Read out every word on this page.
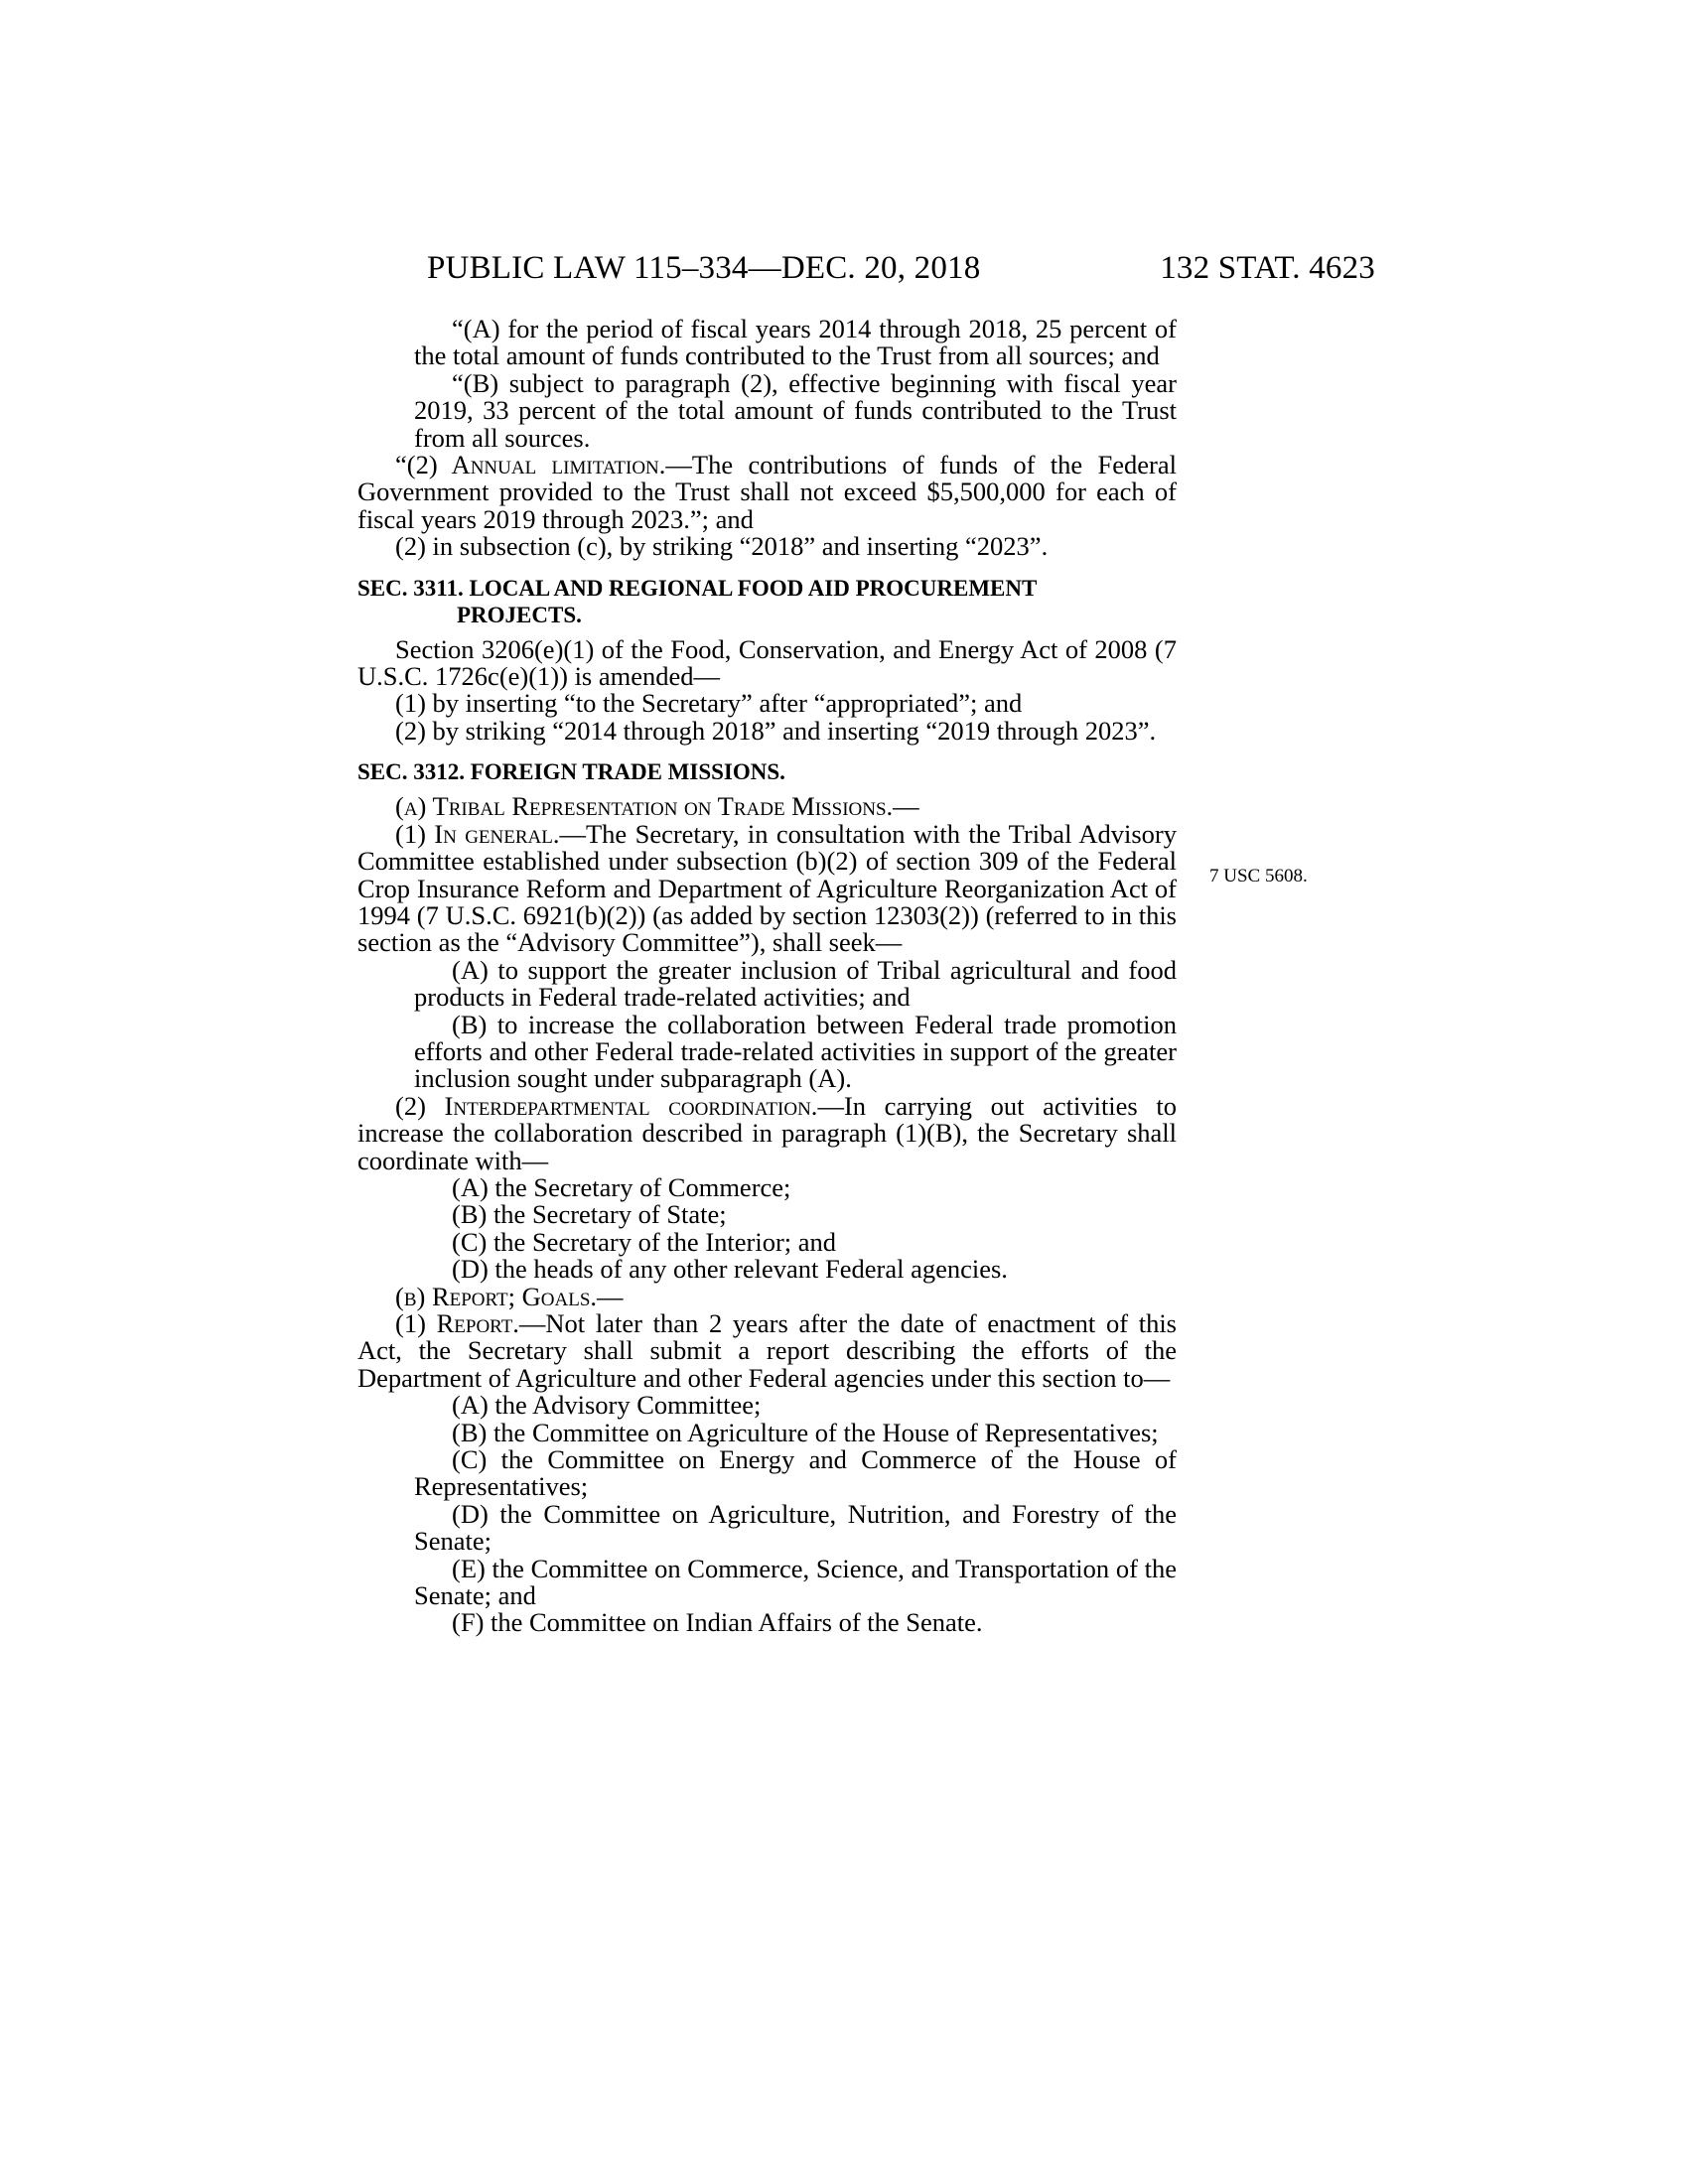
PUBLIC LAW 115–334—DEC. 20, 2018	132 STAT. 4623
7 USC 5608.

“(A) for the period of fiscal years 2014 through 2018, 25 percent of the total amount of funds contributed to the Trust from all sources; and

“(B) subject to paragraph (2), effective beginning with fiscal year 2019, 33 percent of the total amount of funds contributed to the Trust from all sources.

“(2) Annual limitation.—The contributions of funds of the Federal Government provided to the Trust shall not exceed $5,500,000 for each of fiscal years 2019 through 2023.”; and

(2) in subsection (c), by striking “2018” and inserting “2023”.

SEC. 3311. LOCAL AND REGIONAL FOOD AID PROCUREMENT
PROJECTS.

Section 3206(e)(1) of the Food, Conservation, and Energy Act of 2008 (7 U.S.C. 1726c(e)(1)) is amended—

(1) by inserting “to the Secretary” after “appropriated”; and

(2) by striking “2014 through 2018” and inserting “2019 through 2023”.

SEC. 3312. FOREIGN TRADE MISSIONS.

(a) Tribal Representation on Trade Missions.—

(1) In general.—The Secretary, in consultation with the Tribal Advisory Committee established under subsection (b)(2) of section 309 of the Federal Crop Insurance Reform and Department of Agriculture Reorganization Act of 1994 (7 U.S.C. 6921(b)(2)) (as added by section 12303(2)) (referred to in this section as the “Advisory Committee”), shall seek—

(A) to support the greater inclusion of Tribal agricultural and food products in Federal trade-related activities; and

(B) to increase the collaboration between Federal trade promotion efforts and other Federal trade-related activities in support of the greater inclusion sought under subparagraph (A).

(2) Interdepartmental coordination.—In carrying out activities to increase the collaboration described in paragraph (1)(B), the Secretary shall coordinate with—

(A) the Secretary of Commerce;

(B) the Secretary of State;

(C) the Secretary of the Interior; and

(D) the heads of any other relevant Federal agencies.

(b) Report; Goals.—

(1) Report.—Not later than 2 years after the date of enactment of this Act, the Secretary shall submit a report describing the efforts of the Department of Agriculture and other Federal agencies under this section to—

(A) the Advisory Committee;

(B) the Committee on Agriculture of the House of Representatives;

(C) the Committee on Energy and Commerce of the House of Representatives;

(D) the Committee on Agriculture, Nutrition, and Forestry of the Senate;

(E) the Committee on Commerce, Science, and Transportation of the Senate; and

(F) the Committee on Indian Affairs of the Senate.
